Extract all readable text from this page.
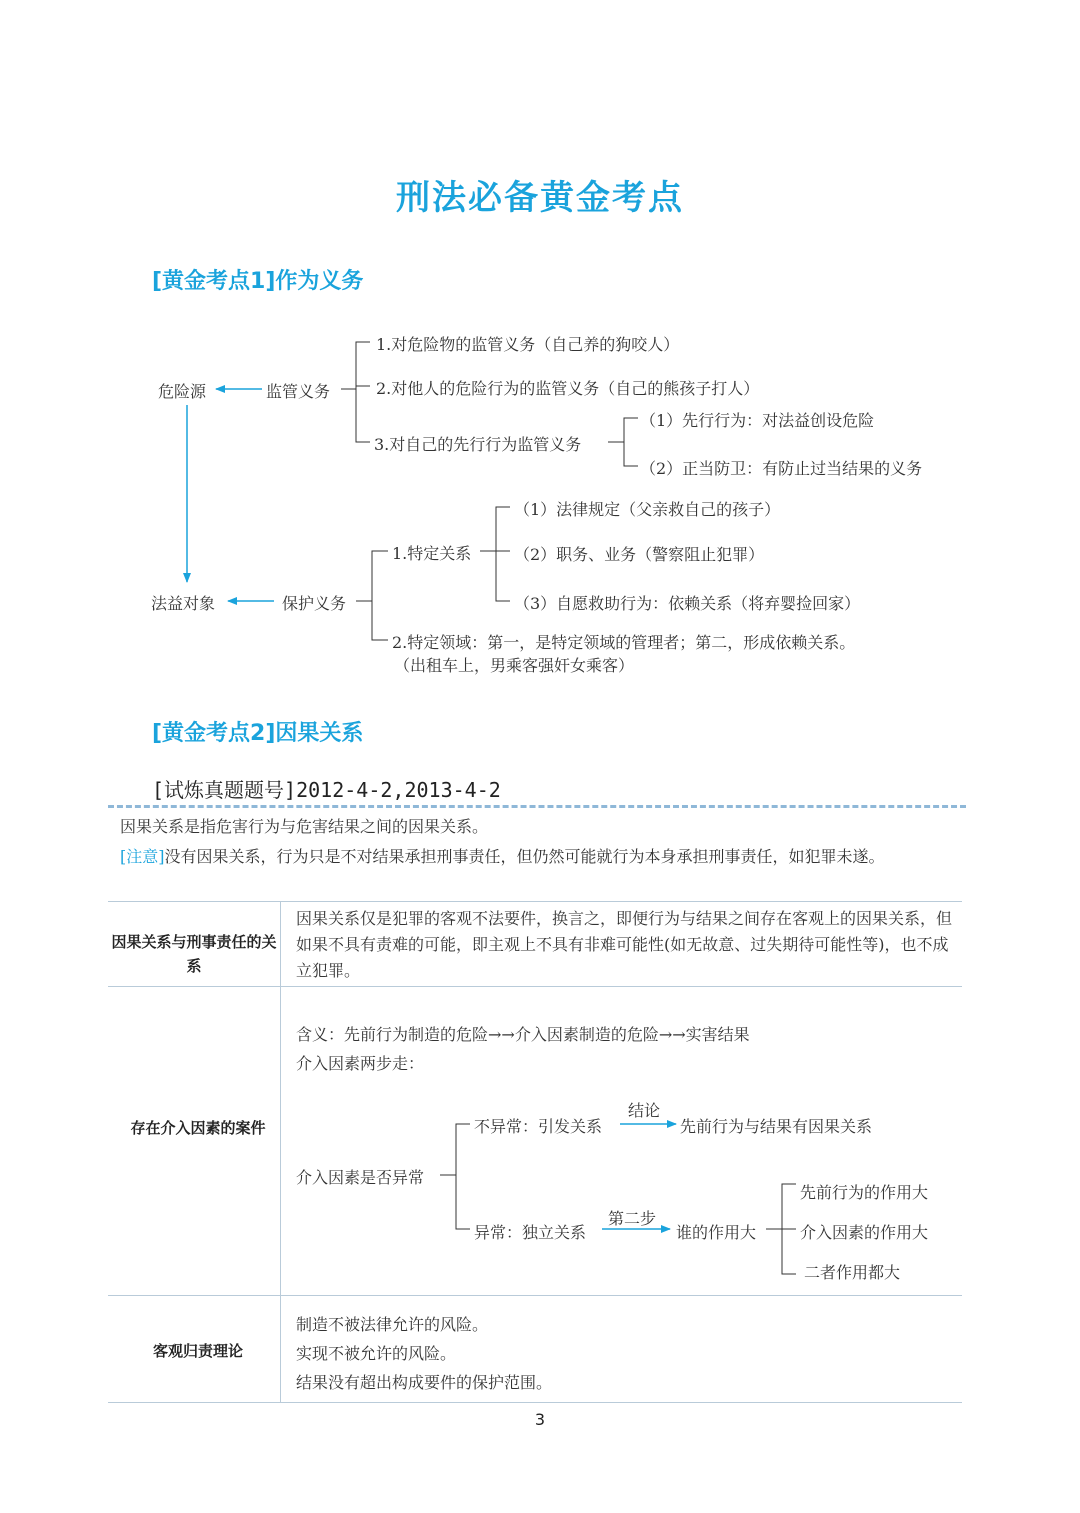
刑法必备黄金考点
[黄金考点1]作为义务
危险源	监管义务
1.对危险物的监管义务（自己养的狗咬人）
2.对他人的危险行为的监管义务（自己的熊孩子打人）
3.对自己的先行行为监管义务
（1）先行行为：对法益创设危险
（2）正当防卫：有防止过当结果的义务
法益对象	保护义务
1.特定关系
（1）法律规定（父亲救自己的孩子）
（2）职务、业务（警察阻止犯罪）
（3）自愿救助行为：依赖关系（将弃婴捡回家）
2.特定领域：第一，是特定领域的管理者；第二，形成依赖关系。
（出租车上，男乘客强奸女乘客）
[黄金考点2]因果关系
[试炼真题题号]2012-4-2,2013-4-2
因果关系是指危害行为与危害结果之间的因果关系。
[注意]没有因果关系，行为只是不对结果承担刑事责任，但仍然可能就行为本身承担刑事责任，如犯罪未遂。
因果关系与刑事责任的关系
因果关系仅是犯罪的客观不法要件，换言之，即便行为与结果之间存在客观上的因果关系，但如果不具有责难的可能，即主观上不具有非难可能性(如无故意、过失期待可能性等)，也不成立犯罪。
存在介入因素的案件
含义：先前行为制造的危险→→介入因素制造的危险→→实害结果
介入因素两步走：
介入因素是否异常
不异常：引发关系
结论
先前行为与结果有因果关系
异常：独立关系
第二步
谁的作用大
先前行为的作用大
介入因素的作用大
二者作用都大
客观归责理论
制造不被法律允许的风险。
实现不被允许的风险。
结果没有超出构成要件的保护范围。
3
